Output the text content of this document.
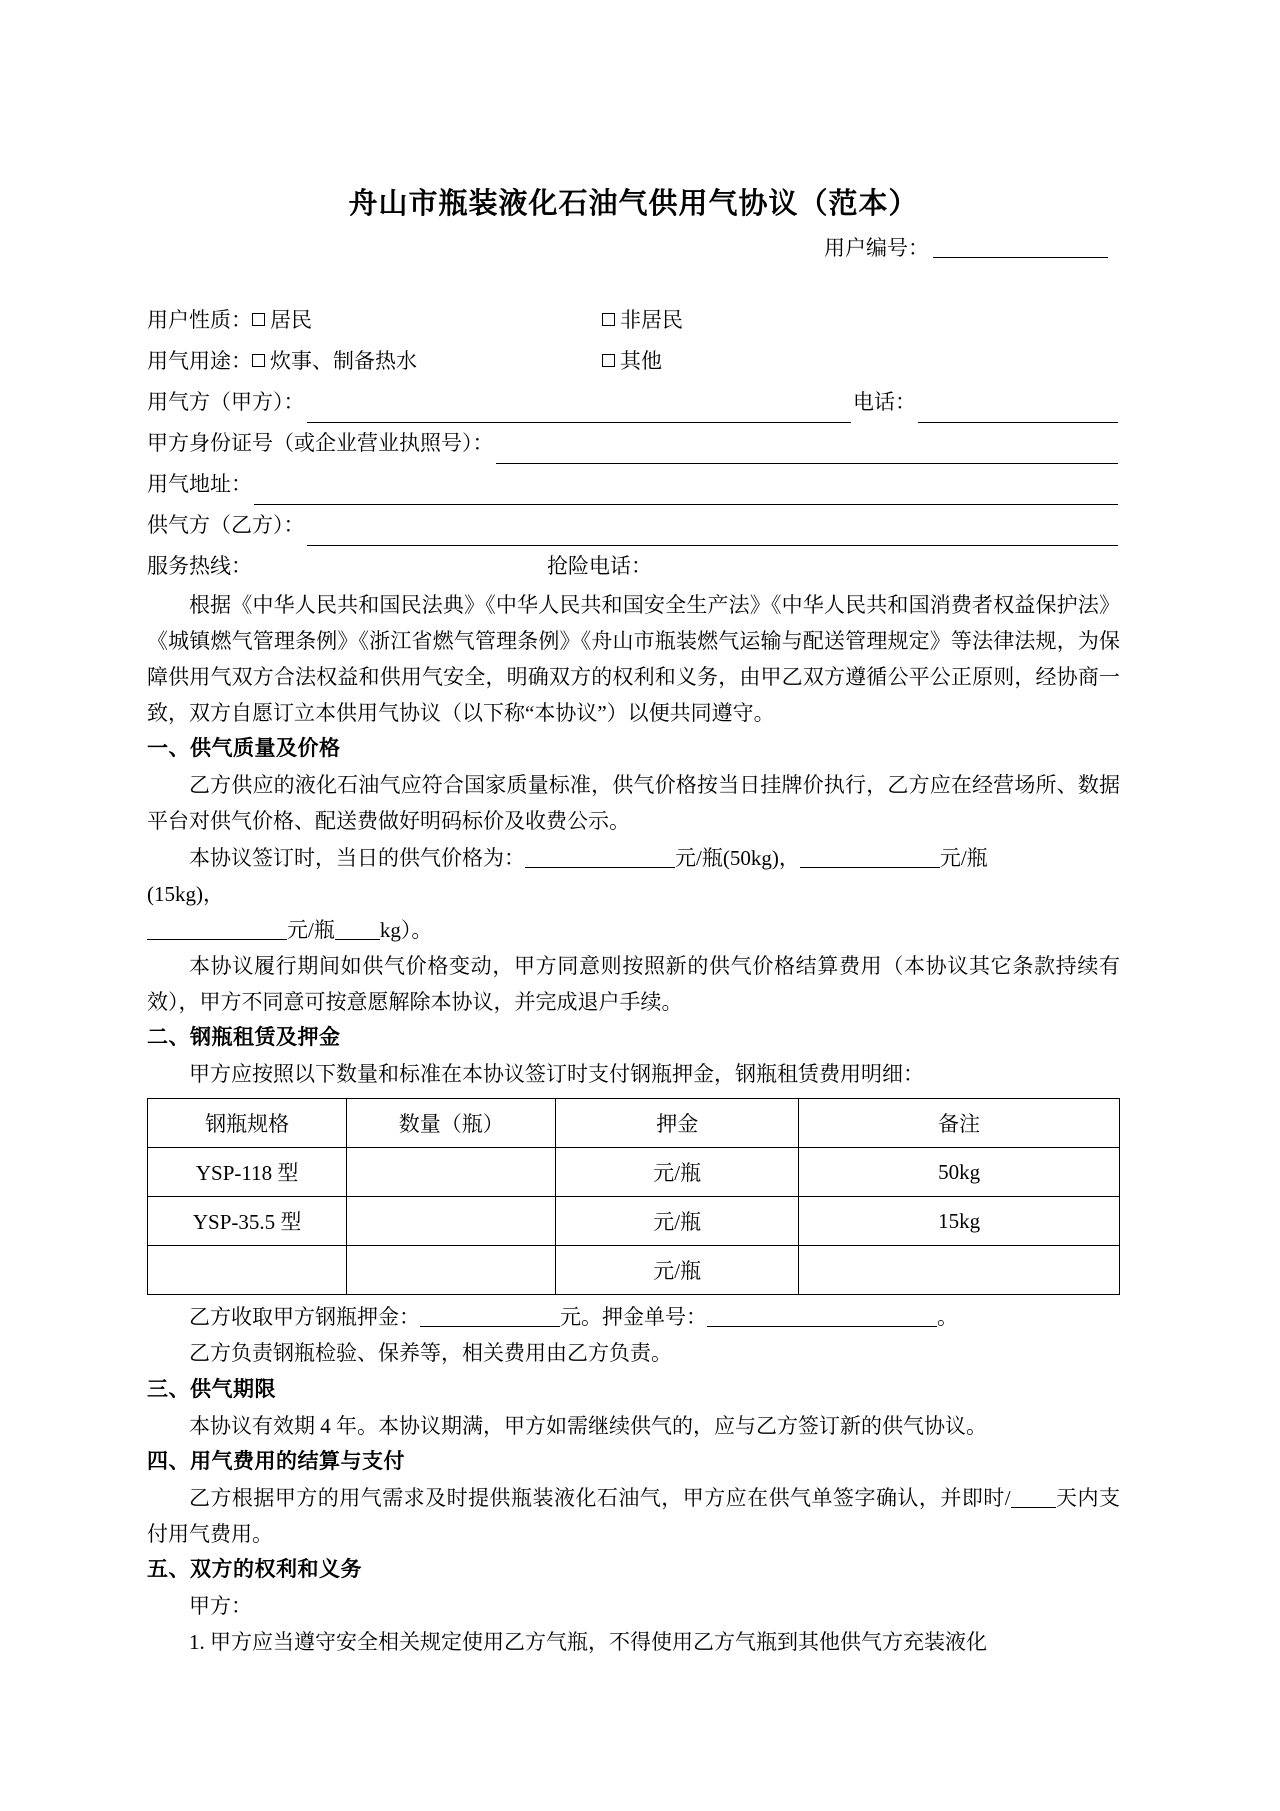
舟山市瓶装液化石油气供用气协议（范本）
用户编号：
用户性质： 居民	非居民
用气用途： 炊事、制备热水	其他
用气方（甲方）：	电话：
甲方身份证号（或企业营业执照号）：
用气地址：
供气方（乙方）：
服务热线：	抢险电话：

根据《中华人民共和国民法典》《中华人民共和国安全生产法》《中华人民共和国消费者权益保护法》《城镇燃气管理条例》《浙江省燃气管理条例》《舟山市瓶装燃气运输与配送管理规定》等法律法规，为保障供用气双方合法权益和供用气安全，明确双方的权利和义务，由甲乙双方遵循公平公正原则，经协商一致，双方自愿订立本供用气协议（以下称“本协议”）以便共同遵守。

一、供气质量及价格

乙方供应的液化石油气应符合国家质量标准，供气价格按当日挂牌价执行，乙方应在经营场所、数据平台对供气价格、配送费做好明码标价及收费公示。

本协议签订时，当日的供气价格为：	元/瓶(50kg)，	元/瓶
(15kg)，
元/瓶 kg）。

本协议履行期间如供气价格变动，甲方同意则按照新的供气价格结算费用（本协议其它条款持续有效），甲方不同意可按意愿解除本协议，并完成退户手续。

二、钢瓶租赁及押金

甲方应按照以下数量和标准在本协议签订时支付钢瓶押金，钢瓶租赁费用明细：

钢瓶规格	数量（瓶）	押金	备注
YSP-118 型		元/瓶	50kg
YSP-35.5 型		元/瓶	15kg
		元/瓶	

乙方收取甲方钢瓶押金：	元。押金单号：	。

乙方负责钢瓶检验、保养等，相关费用由乙方负责。

三、供气期限

本协议有效期 4 年。本协议期满，甲方如需继续供气的，应与乙方签订新的供气协议。

四、用气费用的结算与支付

乙方根据甲方的用气需求及时提供瓶装液化石油气，甲方应在供气单签字确认，并即时/ 天内支付用气费用。

五、双方的权利和义务

甲方：

1. 甲方应当遵守安全相关规定使用乙方气瓶，不得使用乙方气瓶到其他供气方充装液化
